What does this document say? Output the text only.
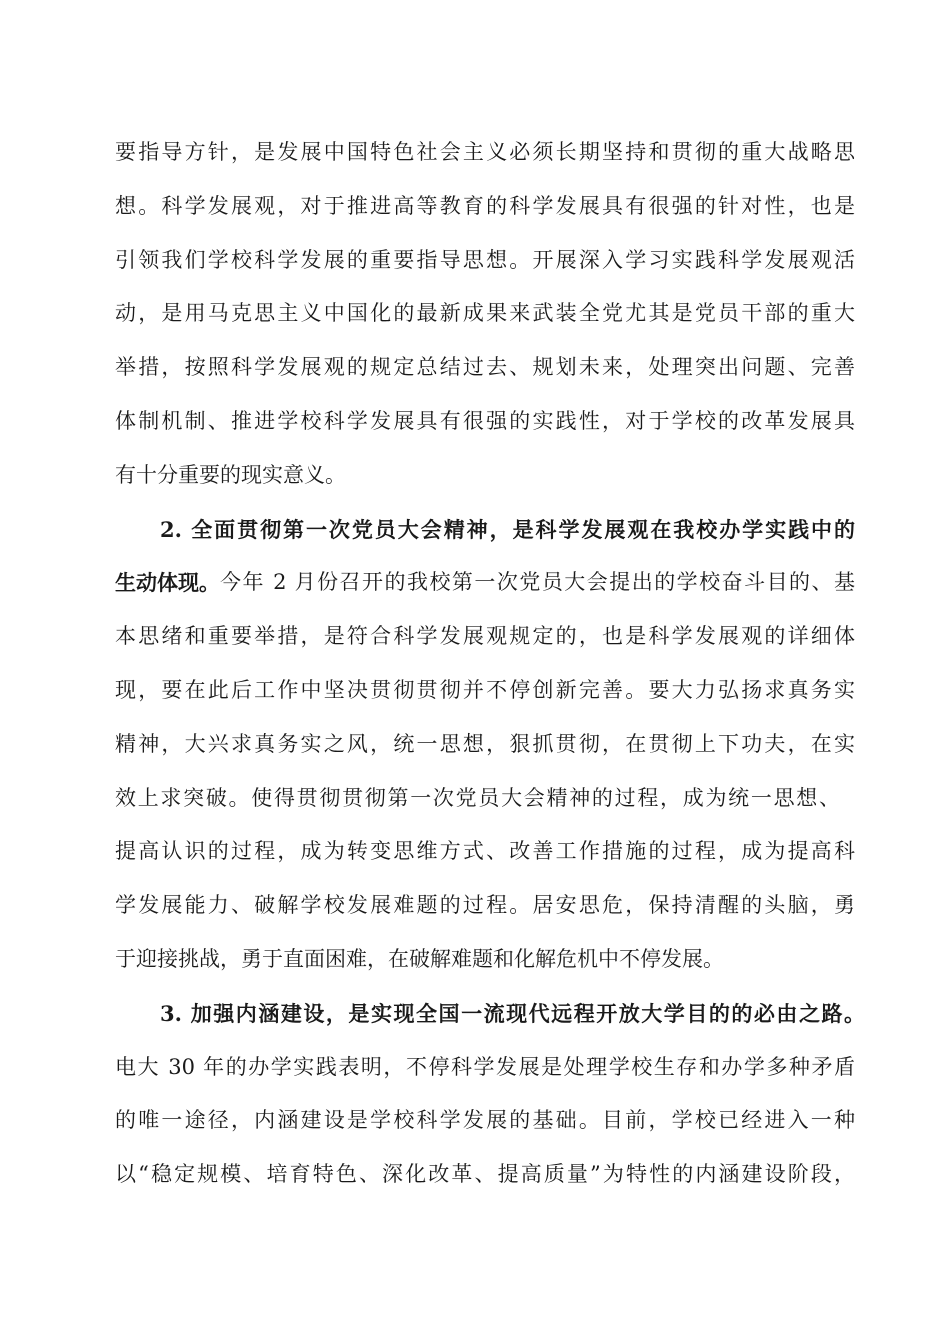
要指导方针，是发展中国特色社会主义必须长期坚持和贯彻的重大战略思
想。科学发展观，对于推进高等教育的科学发展具有很强的针对性，也是
引领我们学校科学发展的重要指导思想。开展深入学习实践科学发展观活
动，是用马克思主义中国化的最新成果来武装全党尤其是党员干部的重大
举措，按照科学发展观的规定总结过去、规划未来，处理突出问题、完善
体制机制、推进学校科学发展具有很强的实践性，对于学校的改革发展具
有十分重要的现实意义。
2. 全面贯彻第一次党员大会精神，是科学发展观在我校办学实践中的
生动体现。 今年 2 月份召开的我校第一次党员大会提出的学校奋斗目的、基
本思绪和重要举措，是符合科学发展观规定的，也是科学发展观的详细体
现，要在此后工作中坚决贯彻贯彻并不停创新完善。要大力弘扬求真务实
精神，大兴求真务实之风，统一思想，狠抓贯彻，在贯彻上下功夫，在实
效上求突破。使得贯彻贯彻第一次党员大会精神的过程，成为统一思想、
提高认识的过程，成为转变思维方式、改善工作措施的过程，成为提高科
学发展能力、破解学校发展难题的过程。居安思危，保持清醒的头脑，勇
于迎接挑战，勇于直面困难，在破解难题和化解危机中不停发展。
3. 加强内涵建设，是实现全国一流现代远程开放大学目的的必由之路。
电大 30 年的办学实践表明，不停科学发展是处理学校生存和办学多种矛盾
的唯一途径，内涵建设是学校科学发展的基础。目前，学校已经进入一种
以“稳定规模、培育特色、深化改革、提高质量”为特性的内涵建设阶段，
